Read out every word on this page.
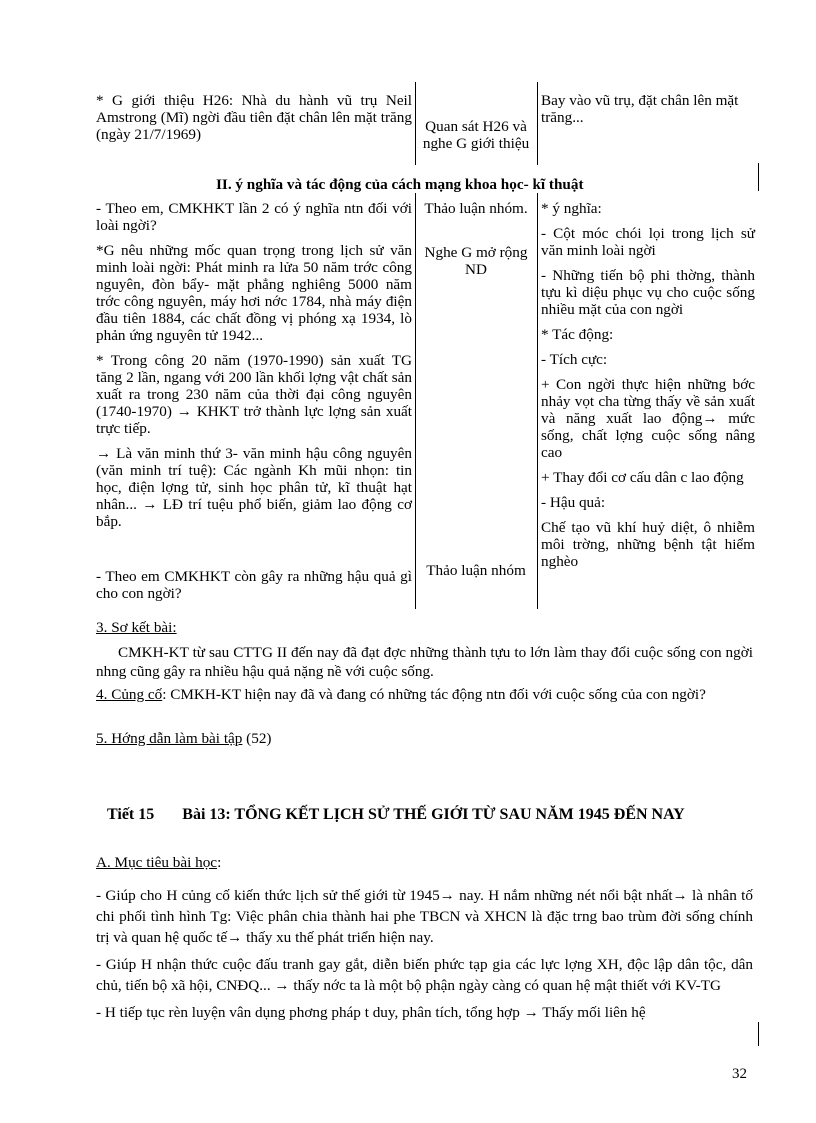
* G giới thiệu H26: Nhà du hành vũ trụ Neil Amstrong (Mĩ) ngời đầu tiên đặt chân lên mặt trăng (ngày 21/7/1969)	Quan sát H26 và nghe G giới thiệu
Bay vào vũ trụ, đặt chân lên mặt trăng...
II. ý nghĩa và tác động của cách mạng khoa học- kĩ thuật

- Theo em, CMKHKT lần 2 có ý nghĩa ntn đối với loài ngời?

*G nêu những mốc quan trọng trong lịch sử văn minh loài ngời: Phát minh ra lửa 50 năm trớc công nguyên, đòn bẩy- mặt phẳng nghiêng 5000 năm trớc công nguyên, máy hơi nớc 1784, nhà máy điện đầu tiên 1884, các chất đồng vị phóng xạ 1934, lò phản ứng nguyên tử 1942...

* Trong công 20 năm (1970-1990) sản xuất TG tăng 2 lần, ngang với 200 lần khối lợng vật chất sản xuất ra trong 230 năm của thời đại công nguyên (1740-1970) → KHKT trở thành lực lợng sản xuất trực tiếp.

→ Là văn minh thứ 3- văn minh hậu công nguyên (văn minh trí tuệ): Các ngành Kh mũi nhọn: tin học, điện lợng tử, sinh học phân tử, kĩ thuật hạt nhân... → LĐ trí tuệu phổ biến, giảm lao động cơ bắp.

- Theo em CMKHKT còn gây ra những hậu quả gì cho con ngời?

Thảo luận nhóm.
Nghe G mở rộng ND
Thảo luận nhóm

* ý nghĩa:

- Cột móc chói lọi trong lịch sử văn minh loài ngời

- Những tiến bộ phi thờng, thành tựu kì diệu phục vụ cho cuộc sống nhiều mặt của con ngời

* Tác động:

- Tích cực:

+ Con ngời thực hiện những bớc nhảy vọt cha từng thấy về sản xuất và năng xuất lao động→ mức sống, chất lợng cuộc sống nâng cao

+ Thay đổi cơ cấu dân c lao động

- Hậu quả:

Chế tạo vũ khí huỷ diệt, ô nhiễm môi trờng, những bệnh tật hiểm nghèo

3. Sơ kết bài:
CMKH-KT từ sau CTTG II đến nay đã đạt đợc những thành tựu to lớn làm thay đổi cuộc sống con ngời nhng cũng gây ra nhiều hậu quả nặng nề với cuộc sống.
4. Củng cố: CMKH-KT hiện nay đã và đang có những tác động ntn đối với cuộc sống của con ngời?
5. Hớng dẫn làm bài tập (52)
Tiết 15 Bài 13: TỔNG KẾT LỊCH SỬ THẾ GIỚI TỪ SAU NĂM 1945 ĐẾN NAY
A. Mục tiêu bài học:

- Giúp cho H củng cố kiến thức lịch sử thế giới từ 1945→ nay. H nắm những nét nổi bật nhất→ là nhân tố chi phối tình hình Tg: Việc phân chia thành hai phe TBCN và XHCN là đặc trng bao trùm đời sống chính trị và quan hệ quốc tế→ thấy xu thế phát triển hiện nay.

- Giúp H nhận thức cuộc đấu tranh gay gắt, diễn biến phức tạp gia các lực lợng XH, độc lập dân tộc, dân chủ, tiến bộ xã hội, CNĐQ... → thấy nớc ta là một bộ phận ngày càng có quan hệ mật thiết với KV-TG

- H tiếp tục rèn luyện vân dụng phơng pháp t duy, phân tích, tổng hợp → Thấy mối liên hệ

32
